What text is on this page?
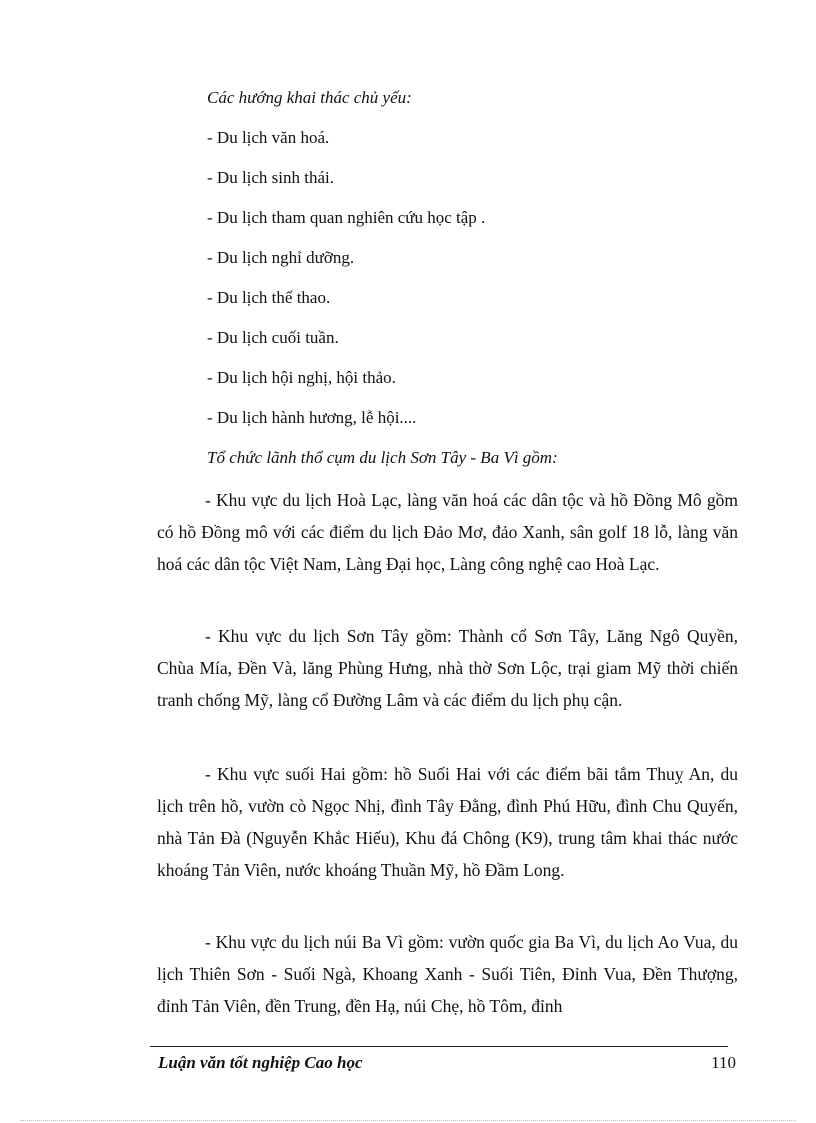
Các hướng khai thác chủ yếu:
- Du lịch văn hoá.
- Du lịch sinh thái.
- Du lịch tham quan nghiên cứu học tập .
- Du lịch nghỉ dưỡng.
- Du lịch thể thao.
- Du lịch cuối tuần.
- Du lịch hội nghị, hội thảo.
- Du lịch hành hương, lễ hội....
Tổ chức lãnh thổ cụm du lịch Sơn Tây - Ba Vì gồm:
- Khu vực du lịch Hoà Lạc, làng văn hoá các dân tộc và hồ Đồng Mô gồm có hồ Đồng mô với các điểm du lịch Đảo Mơ, đảo Xanh, sân golf 18 lỗ, làng văn hoá các dân tộc Việt Nam, Làng Đại học, Làng công nghệ cao Hoà Lạc.
- Khu vực du lịch Sơn Tây gồm: Thành cổ Sơn Tây, Lăng Ngô Quyền, Chùa Mía, Đền Và, lăng Phùng Hưng, nhà thờ Sơn Lộc, trại giam Mỹ thời chiến tranh chống Mỹ, làng cổ Đường Lâm và các điểm du lịch phụ cận.
- Khu vực suối Hai gồm: hồ Suối Hai với các điểm bãi tắm Thuỵ An, du lịch trên hồ, vườn cò Ngọc Nhị, đình Tây Đằng, đình Phú Hữu, đình Chu Quyến, nhà Tản Đà (Nguyễn Khắc Hiếu), Khu đá Chông (K9), trung tâm khai thác nước khoáng Tản Viên, nước khoáng Thuần Mỹ, hồ Đầm Long.
- Khu vực du lịch núi Ba Vì gồm: vườn quốc gia Ba Vì, du lịch Ao Vua, du lịch Thiên Sơn - Suối Ngà, Khoang Xanh - Suối Tiên, Đỉnh Vua, Đền Thượng, đỉnh Tản Viên, đền Trung, đền Hạ, núi Chẹ, hồ Tôm, đỉnh
Luận văn tốt nghiệp Cao học	110
